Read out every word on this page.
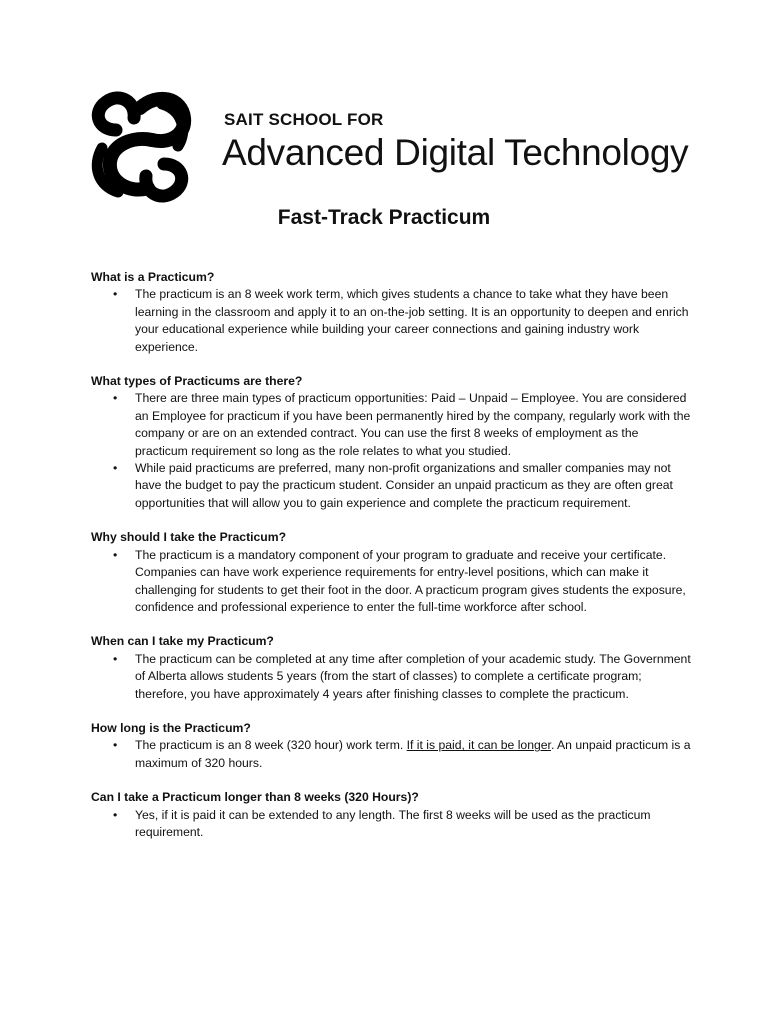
SAIT SCHOOL FOR
Advanced Digital Technology
Fast-Track Practicum

What is a Practicum?

• The practicum is an 8 week work term, which gives students a chance to take what they have been learning in the classroom and apply it to an on-the-job setting. It is an opportunity to deepen and enrich your educational experience while building your career connections and gaining industry work experience.

What types of Practicums are there?

• There are three main types of practicum opportunities: Paid – Unpaid – Employee. You are considered an Employee for practicum if you have been permanently hired by the company, regularly work with the company or are on an extended contract. You can use the first 8 weeks of employment as the practicum requirement so long as the role relates to what you studied.
• While paid practicums are preferred, many non-profit organizations and smaller companies may not have the budget to pay the practicum student. Consider an unpaid practicum as they are often great opportunities that will allow you to gain experience and complete the practicum requirement.

Why should I take the Practicum?

• The practicum is a mandatory component of your program to graduate and receive your certificate. Companies can have work experience requirements for entry-level positions, which can make it challenging for students to get their foot in the door. A practicum program gives students the exposure, confidence and professional experience to enter the full-time workforce after school.

When can I take my Practicum?

• The practicum can be completed at any time after completion of your academic study. The Government of Alberta allows students 5 years (from the start of classes) to complete a certificate program; therefore, you have approximately 4 years after finishing classes to complete the practicum.

How long is the Practicum?

• The practicum is an 8 week (320 hour) work term. If it is paid, it can be longer. An unpaid practicum is a maximum of 320 hours.

Can I take a Practicum longer than 8 weeks (320 Hours)?

• Yes, if it is paid it can be extended to any length. The first 8 weeks will be used as the practicum requirement.
